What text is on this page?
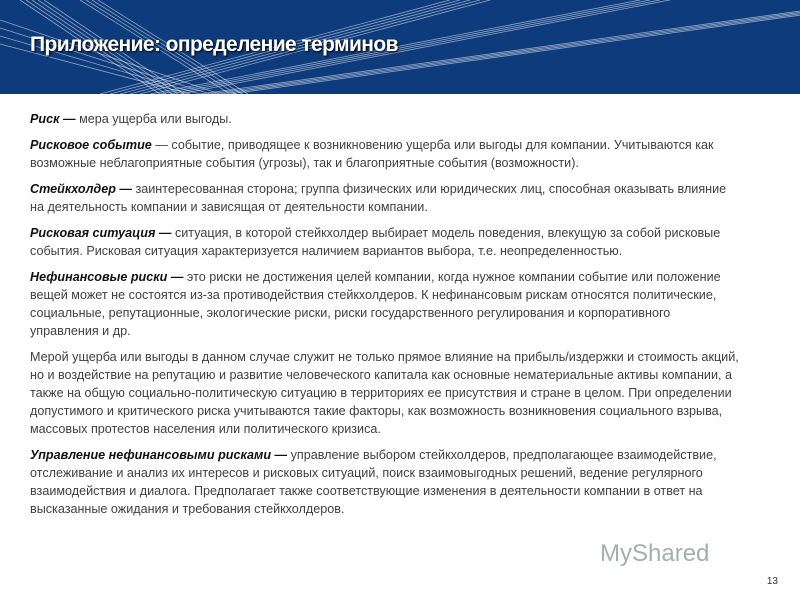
Приложение: определение терминов

Риск — мера ущерба или выгоды.

Рисковое событие — событие, приводящее к возникновению ущерба или выгоды для компании. Учитываются как возможные неблагоприятные события (угрозы), так и благоприятные события (возможности).

Стейкхолдер — заинтересованная сторона; группа физических или юридических лиц, способная оказывать влияние на деятельность компании и зависящая от деятельности компании.

Рисковая ситуация — ситуация, в которой стейкхолдер выбирает модель поведения, влекущую за собой рисковые события. Рисковая ситуация характеризуется наличием вариантов выбора, т.е. неопределенностью.

Нефинансовые риски — это риски не достижения целей компании, когда нужное компании событие или положение вещей может не состоятся из-за противодействия стейкхолдеров. К нефинансовым рискам относятся политические, социальные, репутационные, экологические риски, риски государственного регулирования и корпоративного управления и др.

Мерой ущерба или выгоды в данном случае служит не только прямое влияние на прибыль/издержки и стоимость акций, но и воздействие на репутацию и развитие человеческого капитала как основные нематериальные активы компании, а также на общую социально-политическую ситуацию в территориях ее присутствия и стране в целом. При определении допустимого и критического риска учитываются такие факторы, как возможность возникновения социального взрыва, массовых протестов населения или политического кризиса.

Управление нефинансовыми рисками — управление выбором стейкхолдеров, предполагающее взаимодействие, отслеживание и анализ их интересов и рисковых ситуаций, поиск взаимовыгодных решений, ведение регулярного взаимодействия и диалога. Предполагает также соответствующие изменения в деятельности компании в ответ на высказанные ожидания и требования стейкхолдеров.

MyShared
13
